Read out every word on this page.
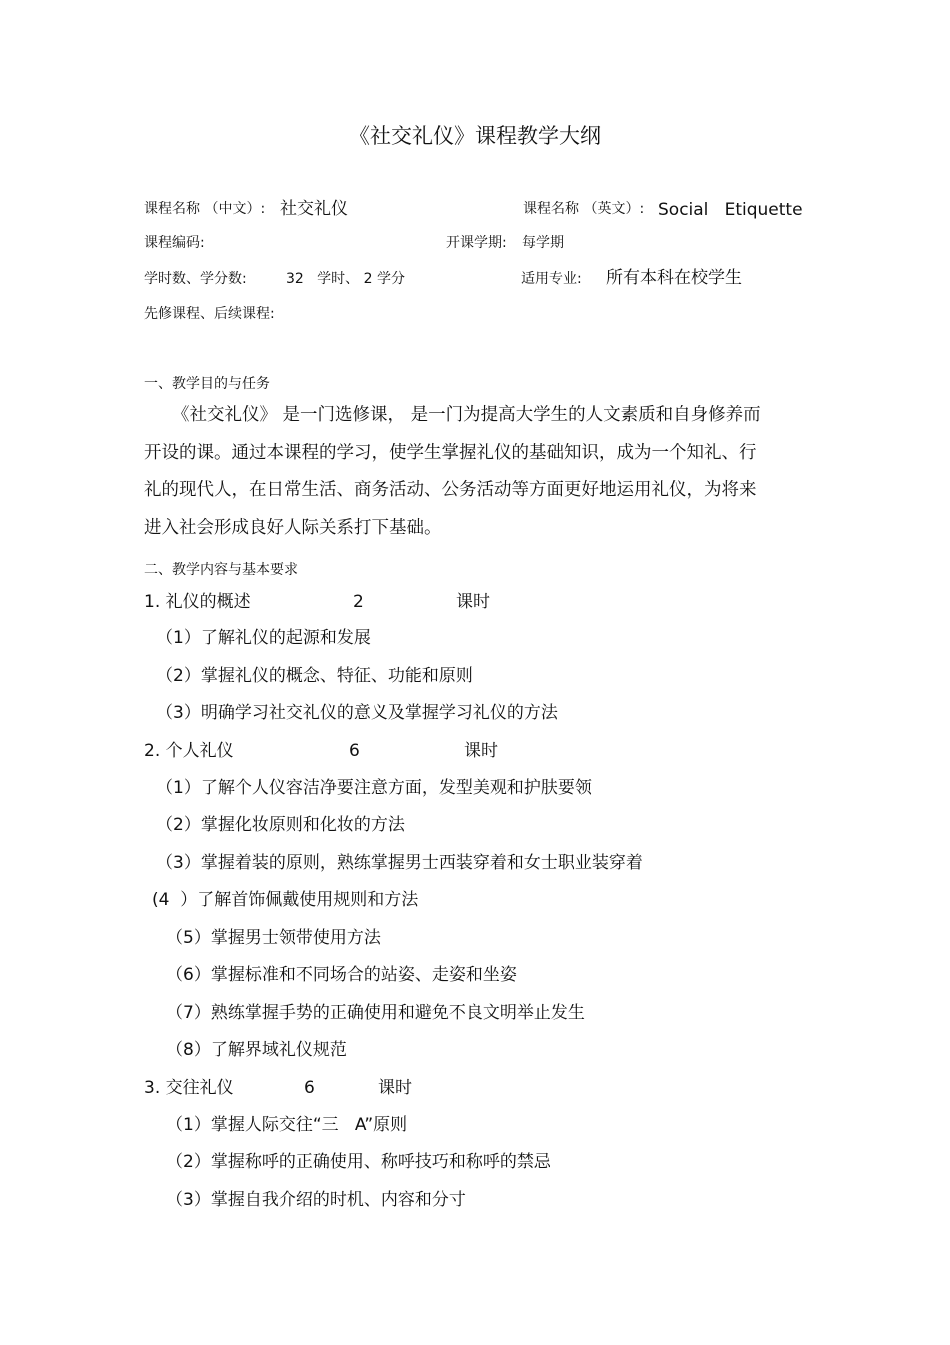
《社交礼仪》课程教学大纲
课程名称 （中文）: 社交礼仪	课程名称 （英文）: Social   Etiquette
课程编码:	开课学期: 每学期
学时数、学分数:	32   学时、 2 学分	适用专业: 所有本科在校学生
先修课程、后续课程:
一、教学目的与任务
《社交礼仪》 是一门选修课， 是一门为提高大学生的人文素质和自身修养而
开设的课。通过本课程的学习，使学生掌握礼仪的基础知识，成为一个知礼、行
礼的现代人，在日常生活、商务活动、公务活动等方面更好地运用礼仪，为将来
进入社会形成良好人际关系打下基础。
二、教学内容与基本要求
1. 礼仪的概述	2	课时
（1）了解礼仪的起源和发展
（2）掌握礼仪的概念、特征、功能和原则
（3）明确学习社交礼仪的意义及掌握学习礼仪的方法
2. 个人礼仪	6	课时
（1）了解个人仪容洁净要注意方面，发型美观和护肤要领
（2）掌握化妆原则和化妆的方法
（3）掌握着装的原则，熟练掌握男士西装穿着和女士职业装穿着
(4  ）了解首饰佩戴使用规则和方法
（5）掌握男士领带使用方法
（6）掌握标准和不同场合的站姿、走姿和坐姿
（7）熟练掌握手势的正确使用和避免不良文明举止发生
（8）了解界域礼仪规范
3. 交往礼仪	6	课时
（1）掌握人际交往“三   A”原则
（2）掌握称呼的正确使用、称呼技巧和称呼的禁忌
（3）掌握自我介绍的时机、内容和分寸
